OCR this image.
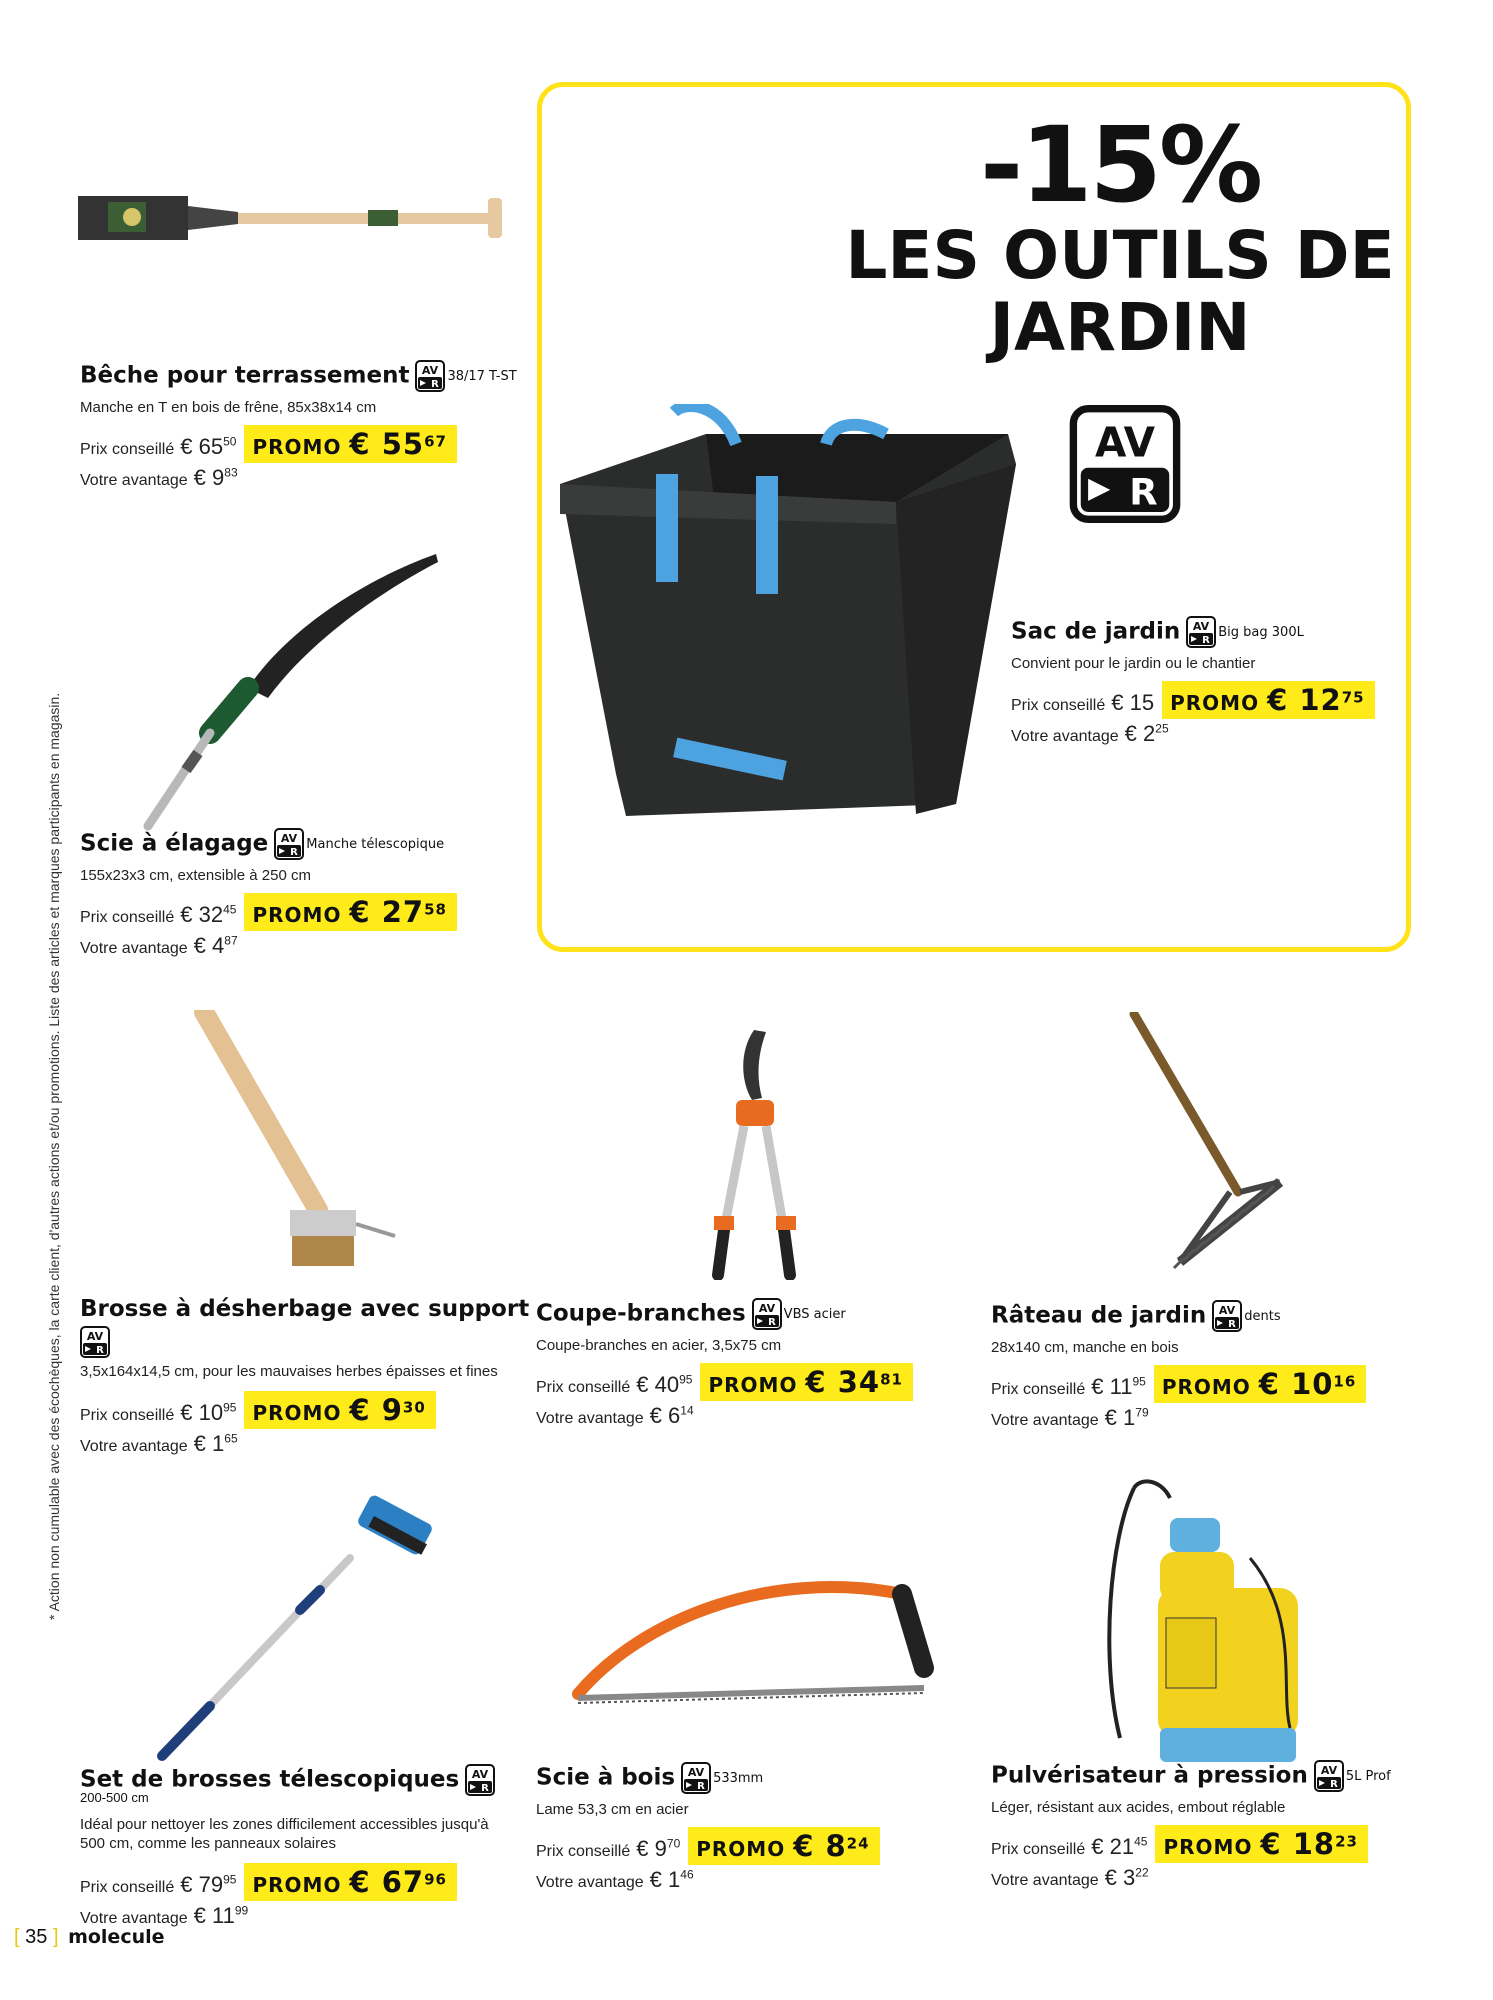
* Action non cumulable avec des écochèques, la carte client, d'autres actions et/ou promotions. Liste des articles et marques participants en magasin.
-15%
LES OUTILS DE
JARDIN
Bêche pour terrassement	38/17 T-ST
Manche en T en bois de frêne, 85x38x14 cm
Prix conseillé € $65^{50}$ PROMO € $55^{67}$
Votre avantage € $9^{83}$
Scie à élagage	Manche télescopique
155x23x3 cm, extensible à 250 cm
Prix conseillé € $32^{45}$ PROMO € $27^{58}$
Votre avantage € $4^{87}$
Sac de jardin	Big bag 300L
Convient pour le jardin ou le chantier
Prix conseillé € 15 PROMO € $12^{75}$
Votre avantage € $2^{25}$
Brosse à désherbage avec support
3,5x164x14,5 cm, pour les mauvaises herbes épaisses et fines
Prix conseillé € $10^{95}$ PROMO € $9^{30}$
Votre avantage € $1^{65}$
Coupe-branches	VBS acier
Coupe-branches en acier, 3,5x75 cm
Prix conseillé € $40^{95}$ PROMO € $34^{81}$
Votre avantage € $6^{14}$
Râteau de jardin	dents
28x140 cm, manche en bois
Prix conseillé € $11^{95}$ PROMO € $10^{16}$
Votre avantage € $1^{79}$
Set de brosses télescopiques
200-500 cm
Idéal pour nettoyer les zones difficilement accessibles jusqu'à 500 cm, comme les panneaux solaires
Prix conseillé € $79^{95}$ PROMO € $67^{96}$
Votre avantage € $11^{99}$
Scie à bois	533mm
Lame 53,3 cm en acier
Prix conseillé € $9^{70}$ PROMO € $8^{24}$
Votre avantage € $1^{46}$
Pulvérisateur à pression	5L Prof
Léger, résistant aux acides, embout réglable
Prix conseillé € $21^{45}$ PROMO € $18^{23}$
Votre avantage € $3^{22}$
[ 35 ] molecule
